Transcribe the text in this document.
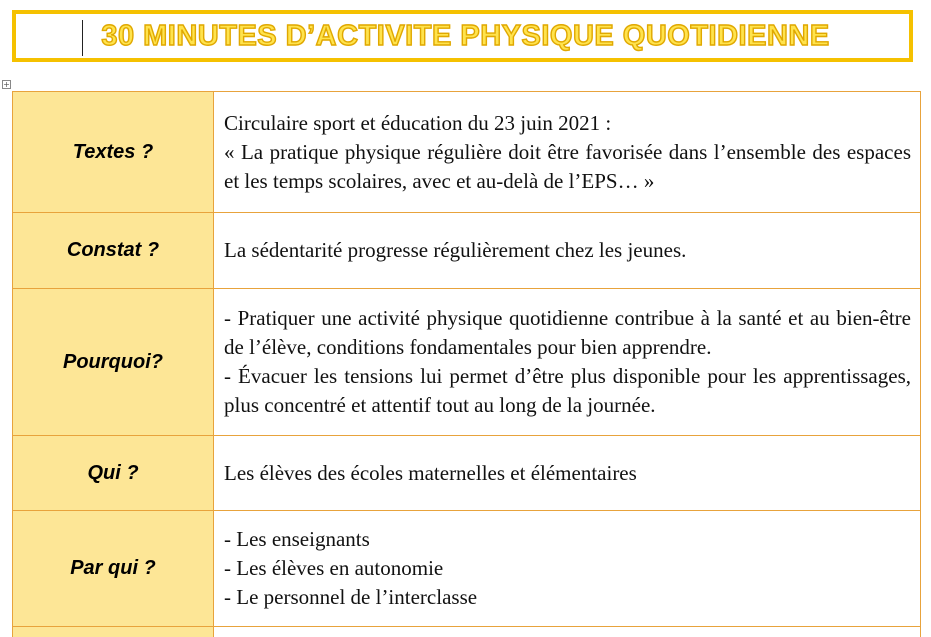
30 MINUTES D’ACTIVITE PHYSIQUE QUOTIDIENNE
+
Textes ?	Circulaire sport et éducation du 23 juin 2021 :
« La pratique physique régulière doit être favorisée dans l’ensemble des espaces et les temps scolaires, avec et au-delà de l’EPS… »

Constat ?	La sédentarité progresse régulièrement chez les jeunes.

Pourquoi?	- Pratiquer une activité physique quotidienne contribue à la santé et au bien-être de l’élève, conditions fondamentales pour bien apprendre.
- Évacuer les tensions lui permet d’être plus disponible pour les apprentissages, plus concentré et attentif tout au long de la journée.

Qui ?	Les élèves des écoles maternelles et élémentaires

Par qui ?	- Les enseignants
- Les élèves en autonomie
- Le personnel de l’interclasse
